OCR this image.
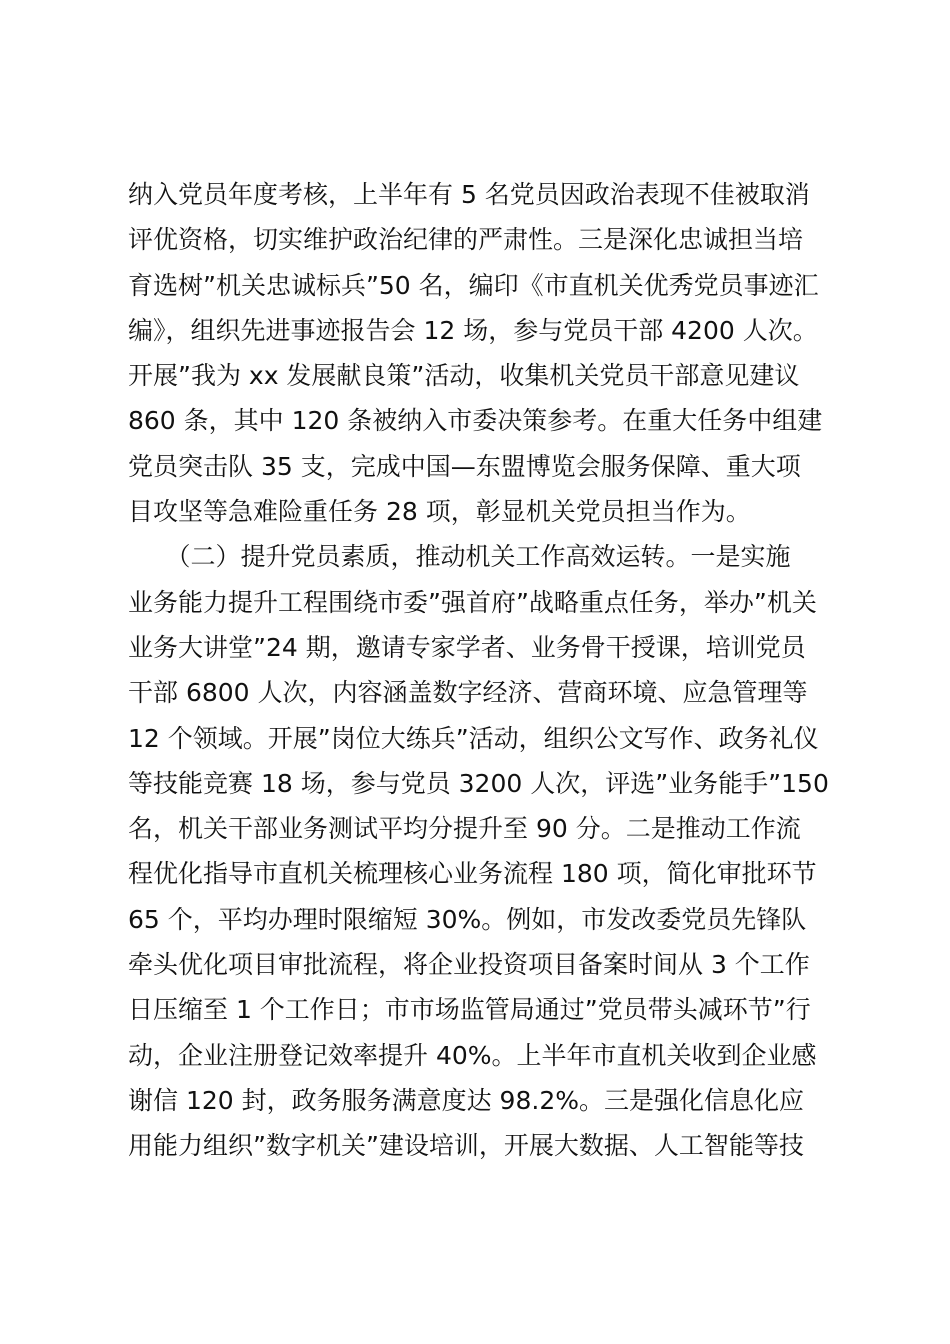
纳入党员年度考核，上半年有 5 名党员因政治表现不佳被取消
评优资格，切实维护政治纪律的严肃性。三是深化忠诚担当培
育选树”机关忠诚标兵”50 名，编印《市直机关优秀党员事迹汇
编》，组织先进事迹报告会 12 场，参与党员干部 4200 人次。
开展”我为 xx 发展献良策”活动，收集机关党员干部意见建议
860 条，其中 120 条被纳入市委决策参考。在重大任务中组建
党员突击队 35 支，完成中国—东盟博览会服务保障、重大项
目攻坚等急难险重任务 28 项，彰显机关党员担当作为。
　　（二）提升党员素质，推动机关工作高效运转。一是实施
业务能力提升工程围绕市委”强首府”战略重点任务，举办”机关
业务大讲堂”24 期，邀请专家学者、业务骨干授课，培训党员
干部 6800 人次，内容涵盖数字经济、营商环境、应急管理等
12 个领域。开展”岗位大练兵”活动，组织公文写作、政务礼仪
等技能竞赛 18 场，参与党员 3200 人次，评选”业务能手”150
名，机关干部业务测试平均分提升至 90 分。二是推动工作流
程优化指导市直机关梳理核心业务流程 180 项，简化审批环节
65 个，平均办理时限缩短 30%。例如，市发改委党员先锋队
牵头优化项目审批流程，将企业投资项目备案时间从 3 个工作
日压缩至 1 个工作日；市市场监管局通过”党员带头减环节”行
动，企业注册登记效率提升 40%。上半年市直机关收到企业感
谢信 120 封，政务服务满意度达 98.2%。三是强化信息化应
用能力组织”数字机关”建设培训，开展大数据、人工智能等技
